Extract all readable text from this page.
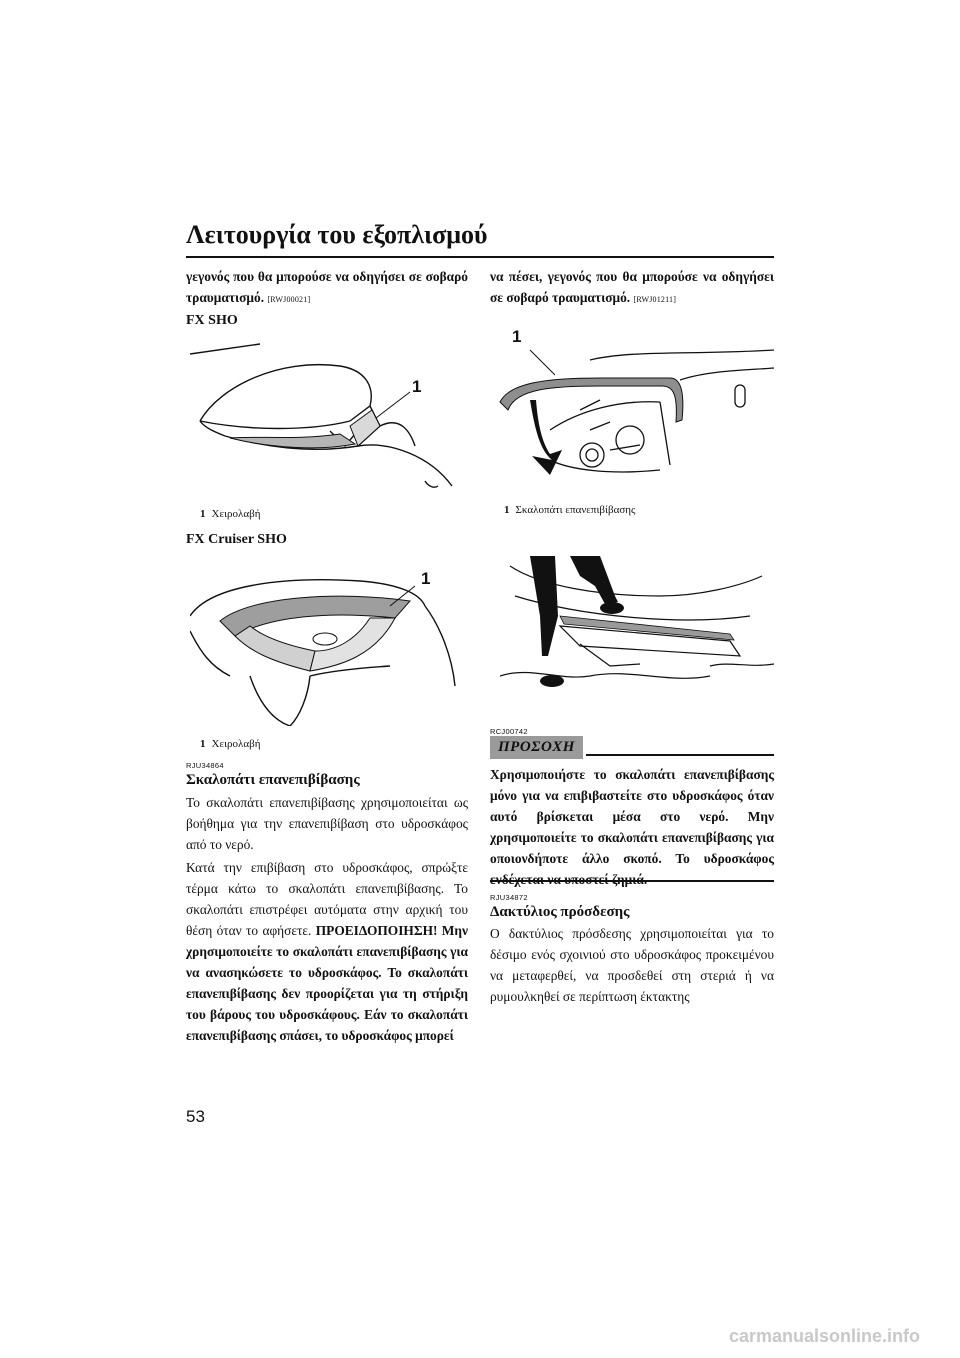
Λειτουργία του εξοπλισμού
γεγονός που θα μπορούσε να οδηγήσει σε σοβαρό τραυματισμό. [RWJ00021]
FX SHO
1
1 Χειρολαβή
FX Cruiser SHO
1
1 Χειρολαβή
RJU34864
Σκαλοπάτι επανεπιβίβασης

Το σκαλοπάτι επανεπιβίβασης χρησιμοποιείται ως βοήθημα για την επανεπιβίβαση στο υδροσκάφος από το νερό.

Κατά την επιβίβαση στο υδροσκάφος, σπρώξτε τέρμα κάτω το σκαλοπάτι επανεπιβίβασης. Το σκαλοπάτι επιστρέφει αυτόματα στην αρχική του θέση όταν το αφήσετε. ΠΡΟΕΙΔΟΠΟΙΗΣΗ! Μην χρησιμοποιείτε το σκαλοπάτι επανεπιβίβασης για να ανασηκώσετε το υδροσκάφος. Το σκαλοπάτι επανεπιβίβασης δεν προορίζεται για τη στήριξη του βάρους του υδροσκάφους. Εάν το σκαλοπάτι επανεπιβίβασης σπάσει, το υδροσκάφος μπορεί

να πέσει, γεγονός που θα μπορούσε να οδηγήσει σε σοβαρό τραυματισμό. [RWJ01211]
1
1 Σκαλοπάτι επανεπιβίβασης
RCJ00742
ΠΡΟΣΟΧΗ
Χρησιμοποιήστε το σκαλοπάτι επανεπιβίβασης μόνο για να επιβιβαστείτε στο υδροσκάφος όταν αυτό βρίσκεται μέσα στο νερό. Μην χρησιμοποιείτε το σκαλοπάτι επανεπιβίβασης για οποιονδήποτε άλλο σκοπό. Το υδροσκάφος
RJU34872
Δακτύλιος πρόσδεσης
Ο δακτύλιος πρόσδεσης χρησιμοποιείται για το δέσιμο ενός σχοινιού στο υδροσκάφος προκειμένου να μεταφερθεί, να προσδεθεί στη στεριά ή να ρυμουλκηθεί σε περίπτωση έκτακτης
53
carmanualsonline.info
